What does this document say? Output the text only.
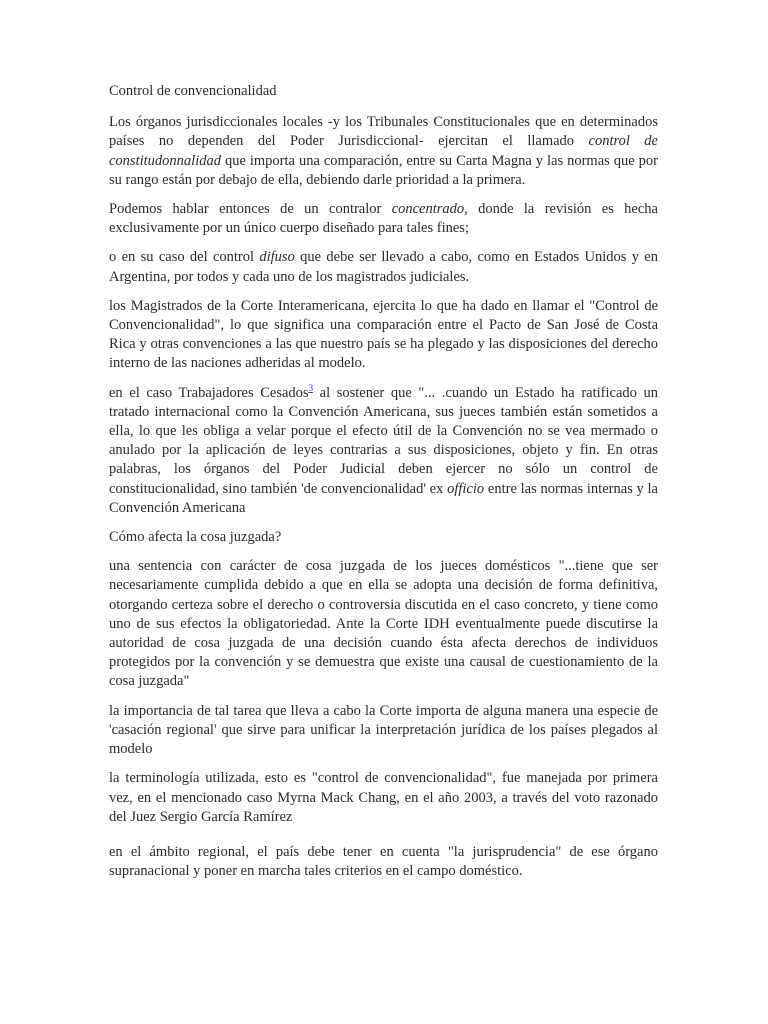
Control de convencionalidad

Los órganos jurisdiccionales locales -y los Tribunales Constitucionales que en determinados países no dependen del Poder Jurisdiccional- ejercitan el llamado control de constitudonnalidad que importa una comparación, entre su Carta Magna y las normas que por su rango están por debajo de ella, debiendo darle prioridad a la primera.

Podemos hablar entonces de un contralor concentrado, donde la revisión es hecha exclusivamente por un único cuerpo diseñado para tales fines;

o en su caso del control difuso que debe ser llevado a cabo, como en Estados Unidos y en Argentina, por todos y cada uno de los magistrados judiciales.

los Magistrados de la Corte Interamericana, ejercita lo que ha dado en llamar el "Control de Convencionalidad", lo que significa una comparación entre el Pacto de San José de Costa Rica y otras convenciones a las que nuestro país se ha plegado y las disposiciones del derecho interno de las naciones adheridas al modelo.

en el caso Trabajadores Cesados$^3$ al sostener que "... .cuando un Estado ha ratificado un tratado internacional como la Convención Americana, sus jueces también están sometidos a ella, lo que les obliga a velar porque el efecto útil de la Convención no se vea mermado o anulado por la aplicación de leyes contrarias a sus disposiciones, objeto y fin. En otras palabras, los órganos del Poder Judicial deben ejercer no sólo un control de constitucionalidad, sino también 'de convencionalidad' ex officio entre las normas internas y la Convención Americana

Cómo afecta la cosa juzgada?

una sentencia con carácter de cosa juzgada de los jueces domésticos "...tiene que ser necesariamente cumplida debido a que en ella se adopta una decisión de forma definitiva, otorgando certeza sobre el derecho o controversia discutida en el caso concreto, y tiene como uno de sus efectos la obligatoriedad. Ante la Corte IDH eventualmente puede discutirse la autoridad de cosa juzgada de una decisión cuando ésta afecta derechos de individuos protegidos por la convención y se demuestra que existe una causal de cuestionamiento de la cosa juzgada"

la importancia de tal tarea que lleva a cabo la Corte importa de alguna manera una especie de 'casación regional' que sirve para unificar la interpretación jurídica de los países plegados al modelo

la terminología utilizada, esto es "control de convencionalidad", fue manejada por primera vez, en el mencionado caso Myrna Mack Chang, en el año 2003, a través del voto razonado del Juez Sergio García Ramírez

en el ámbito regional, el país debe tener en cuenta "la jurisprudencia" de ese órgano supranacional y poner en marcha tales criterios en el campo doméstico.
